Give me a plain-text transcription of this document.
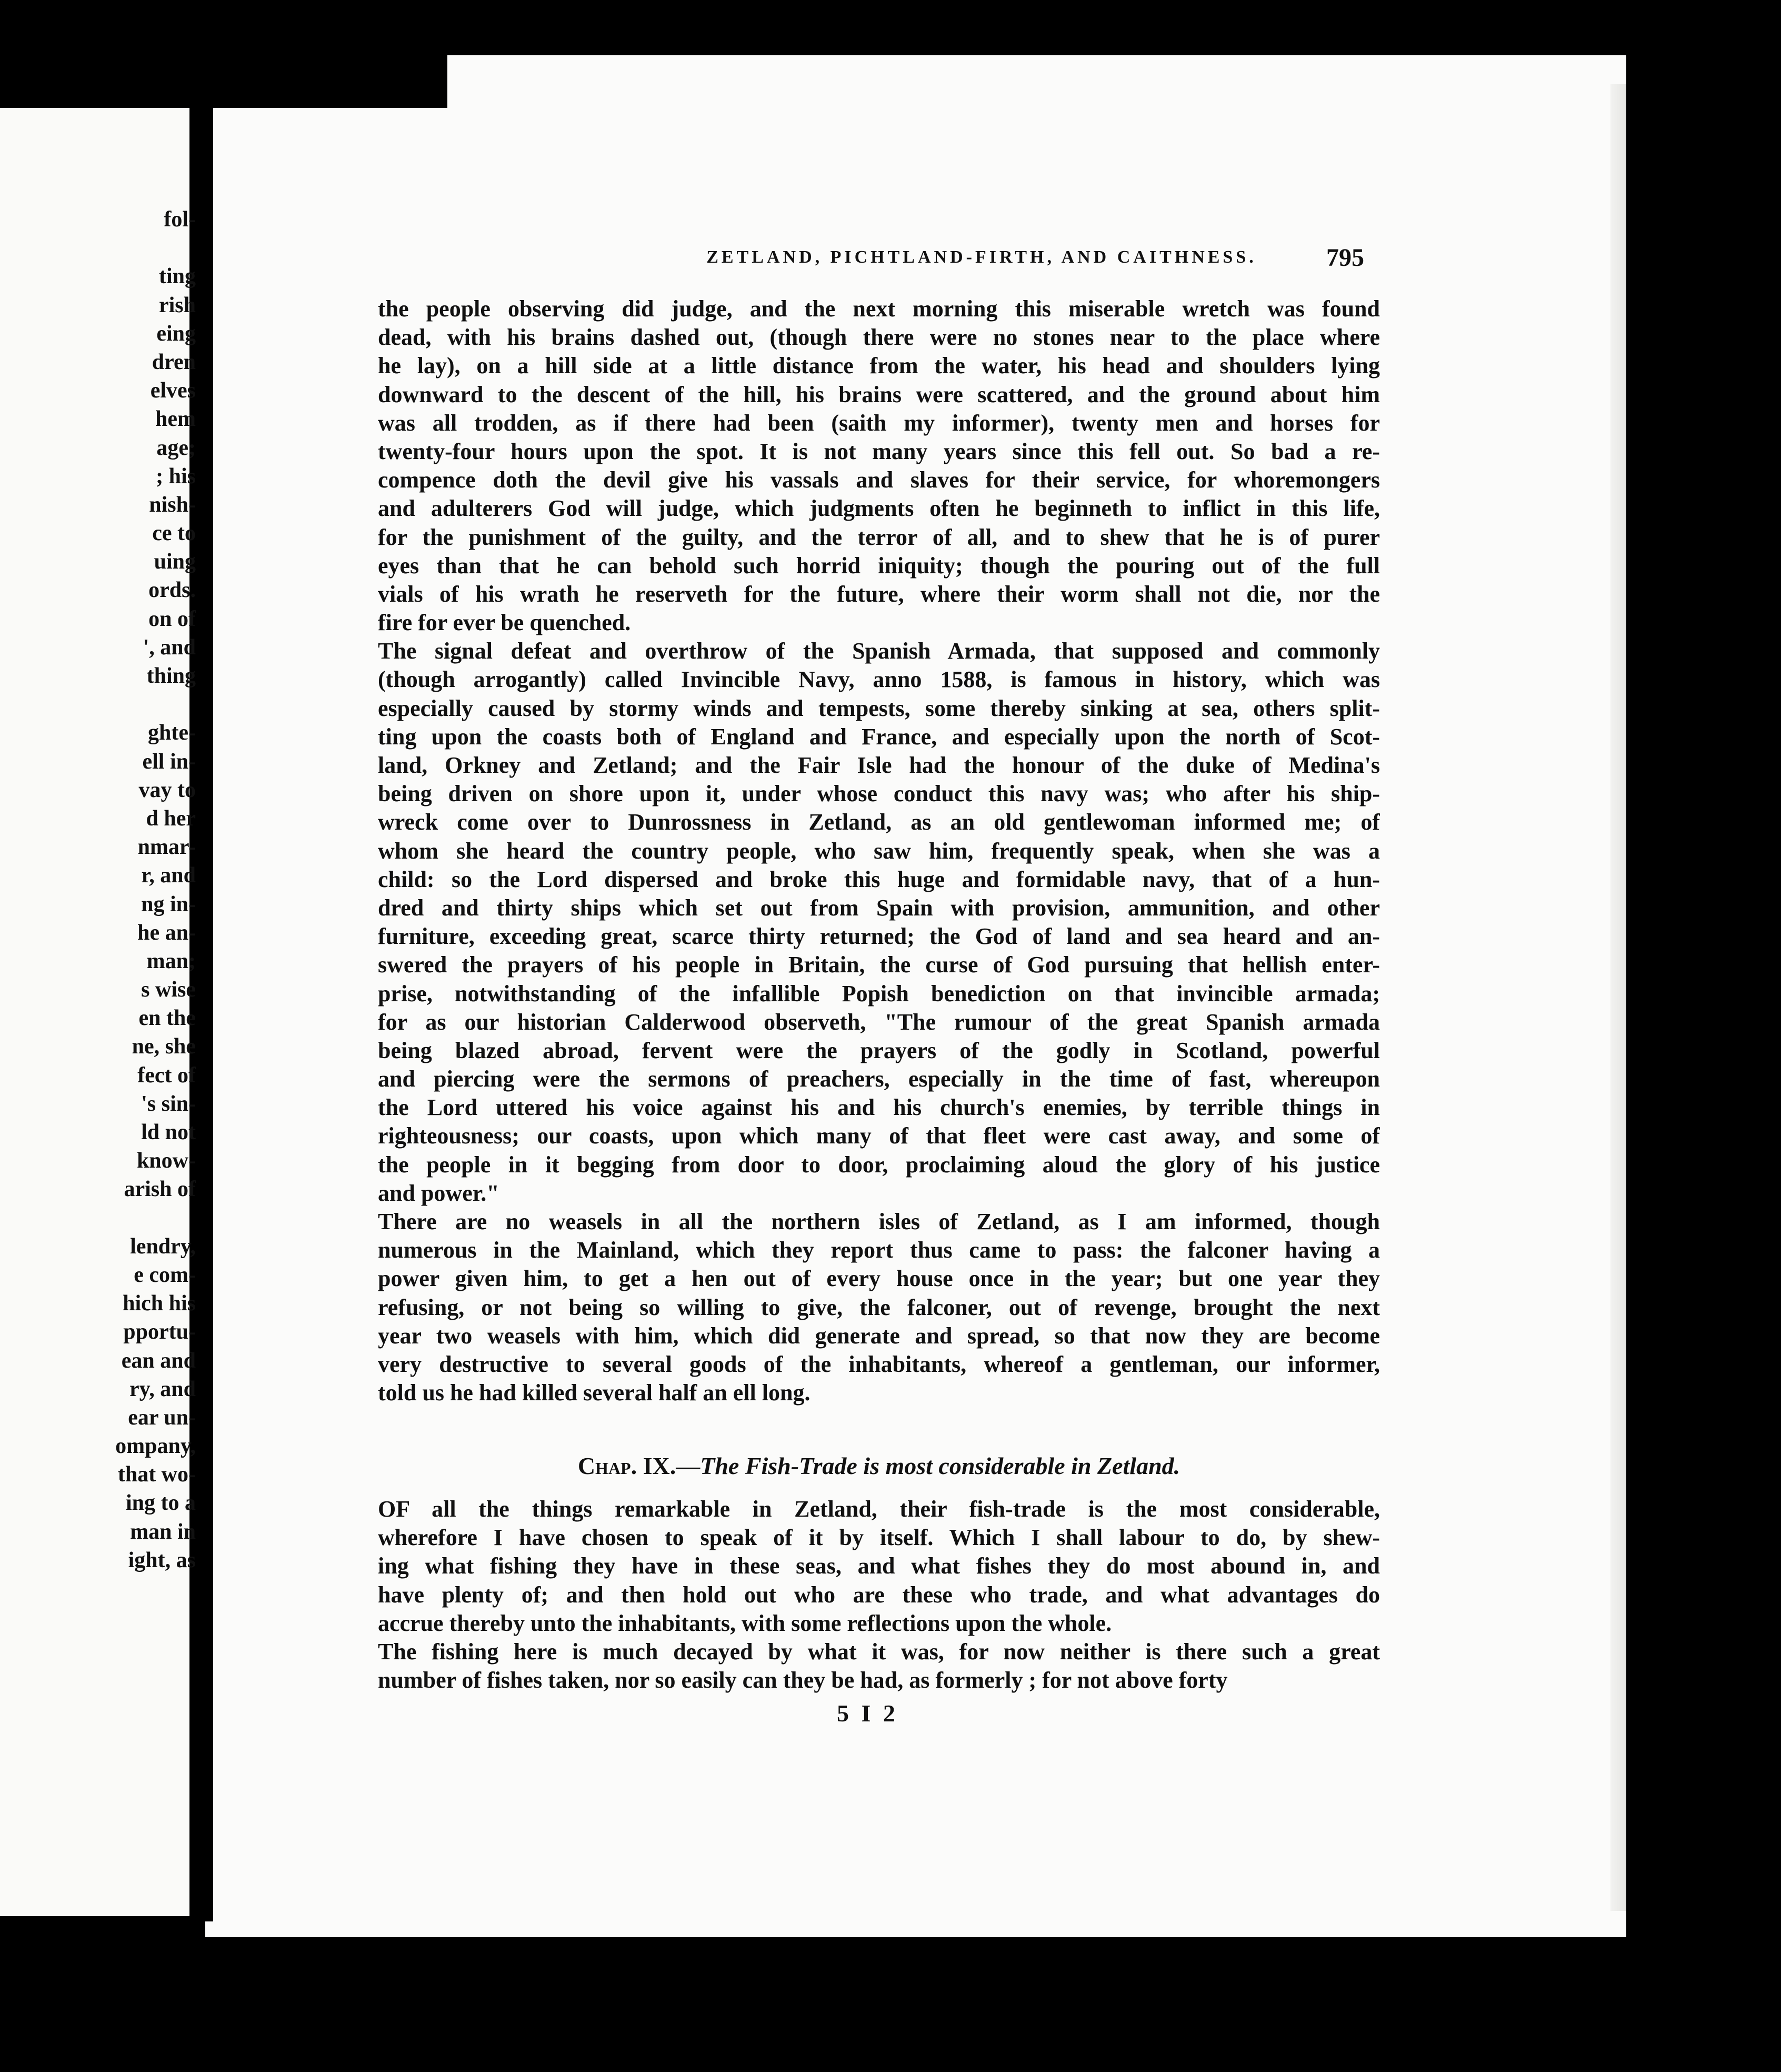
fol-
ting
rish
eing
dren
elves
hem
age;
; his
nish-
ce to
uing
ords.
on of
', and
thing
ghte-
ell in-
vay to
d her
nmar-
r, and
ng in-
he an-
man;
s wise
en the
ne, she
fect of
's sin-
ld not
know-
arish of
lendry,
e com-
hich his
pportu-
ean and
ry, and
ear un-
ompany,
that wo-
ing to a
man in
ight, as
ZETLAND, PICHTLAND-FIRTH, AND CAITHNESS.	795
the people observing did judge, and the next morning this miserable wretch was found
dead, with his brains dashed out, (though there were no stones near to the place where
he lay), on a hill side at a little distance from the water, his head and shoulders lying
downward to the descent of the hill, his brains were scattered, and the ground about him
was all trodden, as if there had been (saith my informer), twenty men and horses for
twenty-four hours upon the spot. It is not many years since this fell out. So bad a re-
compence doth the devil give his vassals and slaves for their service, for whoremongers
and adulterers God will judge, which judgments often he beginneth to inflict in this life,
for the punishment of the guilty, and the terror of all, and to shew that he is of purer
eyes than that he can behold such horrid iniquity; though the pouring out of the full
vials of his wrath he reserveth for the future, where their worm shall not die, nor the
fire for ever be quenched.
The signal defeat and overthrow of the Spanish Armada, that supposed and commonly
(though arrogantly) called Invincible Navy, anno 1588, is famous in history, which was
especially caused by stormy winds and tempests, some thereby sinking at sea, others split-
ting upon the coasts both of England and France, and especially upon the north of Scot-
land, Orkney and Zetland; and the Fair Isle had the honour of the duke of Medina's
being driven on shore upon it, under whose conduct this navy was; who after his ship-
wreck come over to Dunrossness in Zetland, as an old gentlewoman informed me; of
whom she heard the country people, who saw him, frequently speak, when she was a
child: so the Lord dispersed and broke this huge and formidable navy, that of a hun-
dred and thirty ships which set out from Spain with provision, ammunition, and other
furniture, exceeding great, scarce thirty returned; the God of land and sea heard and an-
swered the prayers of his people in Britain, the curse of God pursuing that hellish enter-
prise, notwithstanding of the infallible Popish benediction on that invincible armada;
for as our historian Calderwood observeth, "The rumour of the great Spanish armada
being blazed abroad, fervent were the prayers of the godly in Scotland, powerful
and piercing were the sermons of preachers, especially in the time of fast, whereupon
the Lord uttered his voice against his and his church's enemies, by terrible things in
righteousness; our coasts, upon which many of that fleet were cast away, and some of
the people in it begging from door to door, proclaiming aloud the glory of his justice
and power."
There are no weasels in all the northern isles of Zetland, as I am informed, though
numerous in the Mainland, which they report thus came to pass: the falconer having a
power given him, to get a hen out of every house once in the year; but one year they
refusing, or not being so willing to give, the falconer, out of revenge, brought the next
year two weasels with him, which did generate and spread, so that now they are become
very destructive to several goods of the inhabitants, whereof a gentleman, our informer,
told us he had killed several half an ell long.
Chap. IX.—The Fish-Trade is most considerable in Zetland.
OF all the things remarkable in Zetland, their fish-trade is the most considerable,
wherefore I have chosen to speak of it by itself. Which I shall labour to do, by shew-
ing what fishing they have in these seas, and what fishes they do most abound in, and
have plenty of; and then hold out who are these who trade, and what advantages do
accrue thereby unto the inhabitants, with some reflections upon the whole.
The fishing here is much decayed by what it was, for now neither is there such a great
number of fishes taken, nor so easily can they be had, as formerly ; for not above forty
5 I 2
